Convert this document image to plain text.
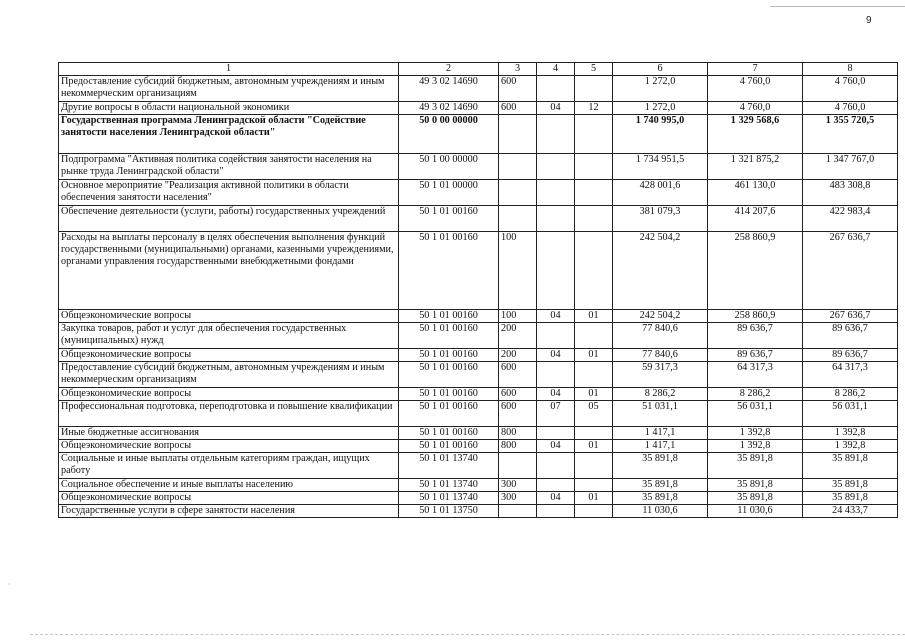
9
1	2	3	4	5	6	7	8
Предоставление субсидий бюджетным, автономным учреждениям и иным некоммерческим организациям	49 3 02 14690	600			1 272,0	4 760,0	4 760,0
Другие вопросы в области национальной экономики	49 3 02 14690	600	04	12	1 272,0	4 760,0	4 760,0
Государственная программа Ленинградской области "Содействие занятости населения Ленинградской области"	50 0 00 00000				1 740 995,0	1 329 568,6	1 355 720,5
Подпрограмма "Активная политика содействия занятости населения на рынке труда Ленинградской области"	50 1 00 00000				1 734 951,5	1 321 875,2	1 347 767,0
Основное мероприятие "Реализация активной политики в области обеспечения занятости населения"	50 1 01 00000				428 001,6	461 130,0	483 308,8
Обеспечение деятельности (услуги, работы) государственных учреждений	50 1 01 00160				381 079,3	414 207,6	422 983,4
Расходы на выплаты персоналу в целях обеспечения выполнения функций государственными (муниципальными) органами, казенными учреждениями, органами управления государственными внебюджетными фондами	50 1 01 00160	100			242 504,2	258 860,9	267 636,7
Общеэкономические вопросы	50 1 01 00160	100	04	01	242 504,2	258 860,9	267 636,7
Закупка товаров, работ и услуг для обеспечения государственных (муниципальных) нужд	50 1 01 00160	200			77 840,6	89 636,7	89 636,7
Общеэкономические вопросы	50 1 01 00160	200	04	01	77 840,6	89 636,7	89 636,7
Предоставление субсидий бюджетным, автономным учреждениям и иным некоммерческим организациям	50 1 01 00160	600			59 317,3	64 317,3	64 317,3
Общеэкономические вопросы	50 1 01 00160	600	04	01	8 286,2	8 286,2	8 286,2
Профессиональная подготовка, переподготовка и повышение квалификации	50 1 01 00160	600	07	05	51 031,1	56 031,1	56 031,1
Иные бюджетные ассигнования	50 1 01 00160	800			1 417,1	1 392,8	1 392,8
Общеэкономические вопросы	50 1 01 00160	800	04	01	1 417,1	1 392,8	1 392,8
Социальные и иные выплаты отдельным категориям граждан, ищущих работу	50 1 01 13740				35 891,8	35 891,8	35 891,8
Социальное обеспечение и иные выплаты населению	50 1 01 13740	300			35 891,8	35 891,8	35 891,8
Общеэкономические вопросы	50 1 01 13740	300	04	01	35 891,8	35 891,8	35 891,8
Государственные услуги в сфере занятости населения	50 1 01 13750				11 030,6	11 030,6	24 433,7
·
